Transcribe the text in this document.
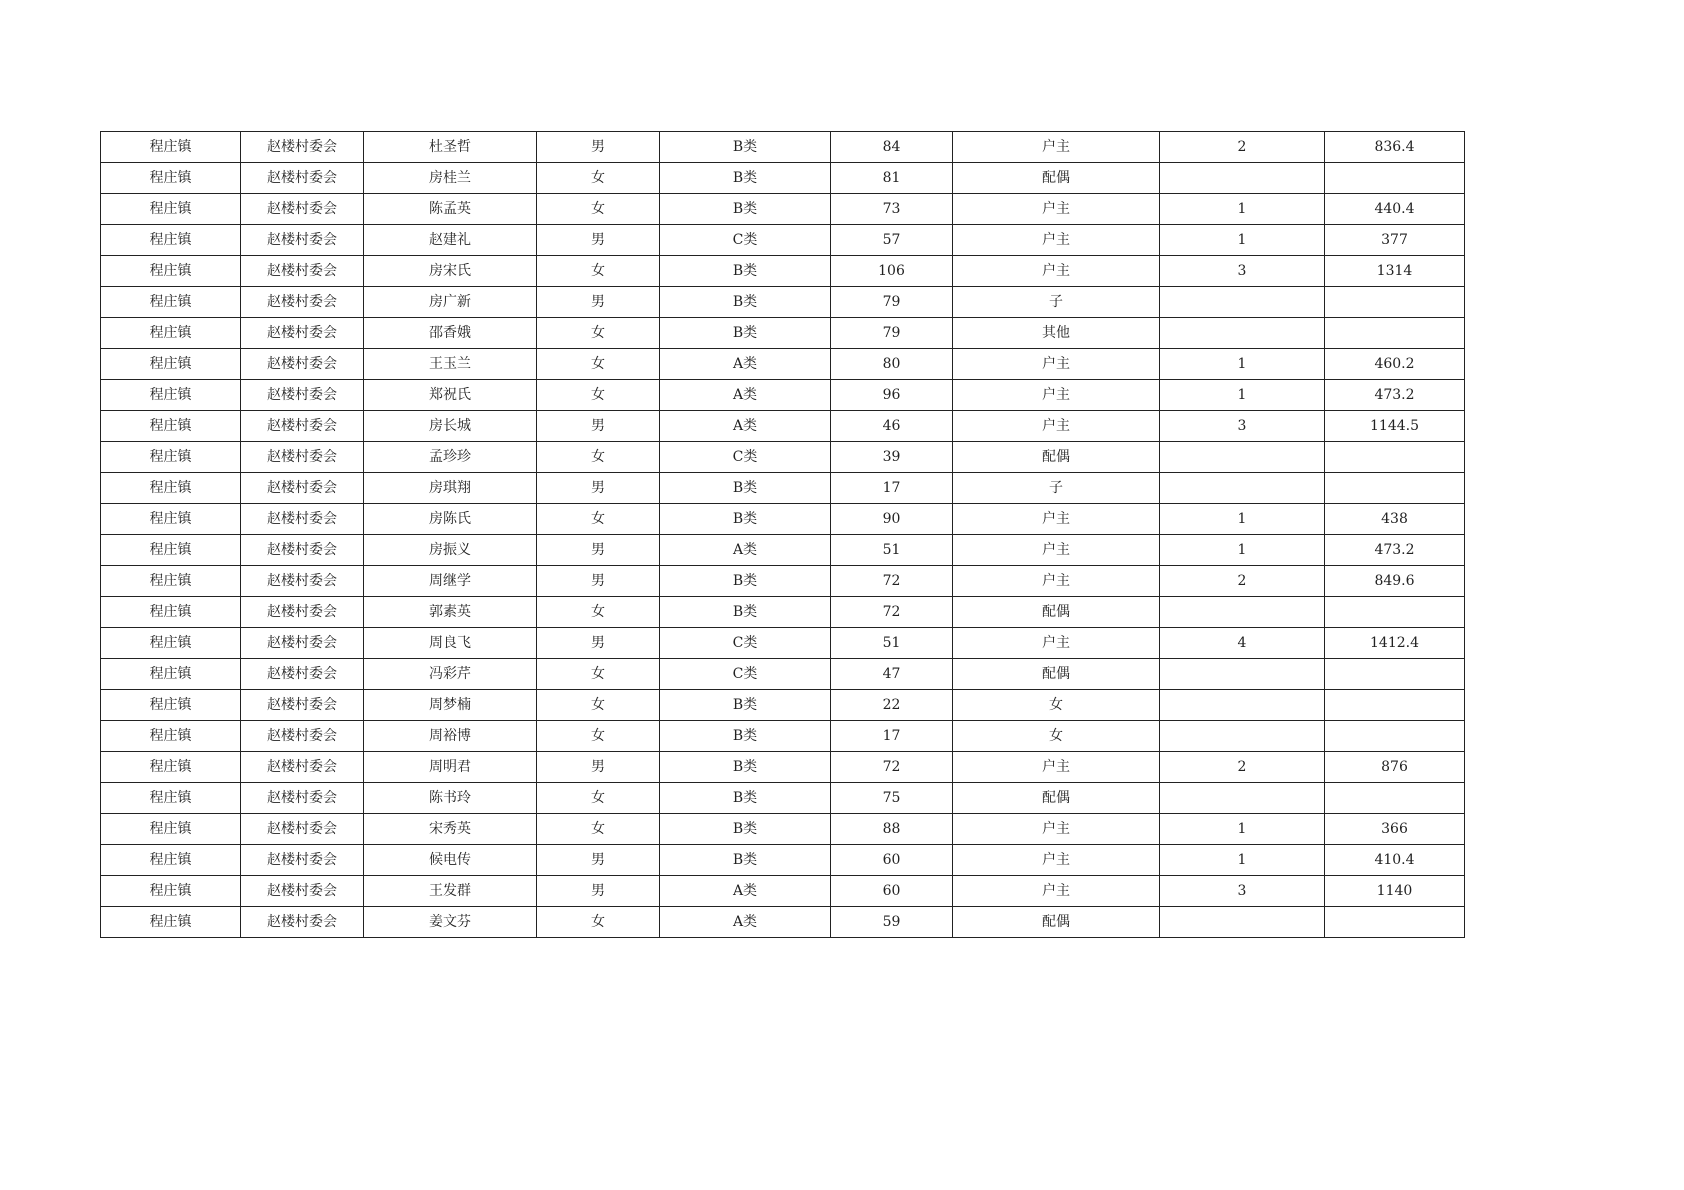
程庄镇	赵楼村委会	杜圣哲	男	B类	84	户主	2	836.4
程庄镇	赵楼村委会	房桂兰	女	B类	81	配偶		
程庄镇	赵楼村委会	陈孟英	女	B类	73	户主	1	440.4
程庄镇	赵楼村委会	赵建礼	男	C类	57	户主	1	377
程庄镇	赵楼村委会	房宋氏	女	B类	106	户主	3	1314
程庄镇	赵楼村委会	房广新	男	B类	79	子		
程庄镇	赵楼村委会	邵香娥	女	B类	79	其他		
程庄镇	赵楼村委会	王玉兰	女	A类	80	户主	1	460.2
程庄镇	赵楼村委会	郑祝氏	女	A类	96	户主	1	473.2
程庄镇	赵楼村委会	房长城	男	A类	46	户主	3	1144.5
程庄镇	赵楼村委会	孟珍珍	女	C类	39	配偶		
程庄镇	赵楼村委会	房琪翔	男	B类	17	子		
程庄镇	赵楼村委会	房陈氏	女	B类	90	户主	1	438
程庄镇	赵楼村委会	房振义	男	A类	51	户主	1	473.2
程庄镇	赵楼村委会	周继学	男	B类	72	户主	2	849.6
程庄镇	赵楼村委会	郭素英	女	B类	72	配偶		
程庄镇	赵楼村委会	周良飞	男	C类	51	户主	4	1412.4
程庄镇	赵楼村委会	冯彩芹	女	C类	47	配偶		
程庄镇	赵楼村委会	周梦楠	女	B类	22	女		
程庄镇	赵楼村委会	周裕博	女	B类	17	女		
程庄镇	赵楼村委会	周明君	男	B类	72	户主	2	876
程庄镇	赵楼村委会	陈书玲	女	B类	75	配偶		
程庄镇	赵楼村委会	宋秀英	女	B类	88	户主	1	366
程庄镇	赵楼村委会	候电传	男	B类	60	户主	1	410.4
程庄镇	赵楼村委会	王发群	男	A类	60	户主	3	1140
程庄镇	赵楼村委会	姜文芬	女	A类	59	配偶		
